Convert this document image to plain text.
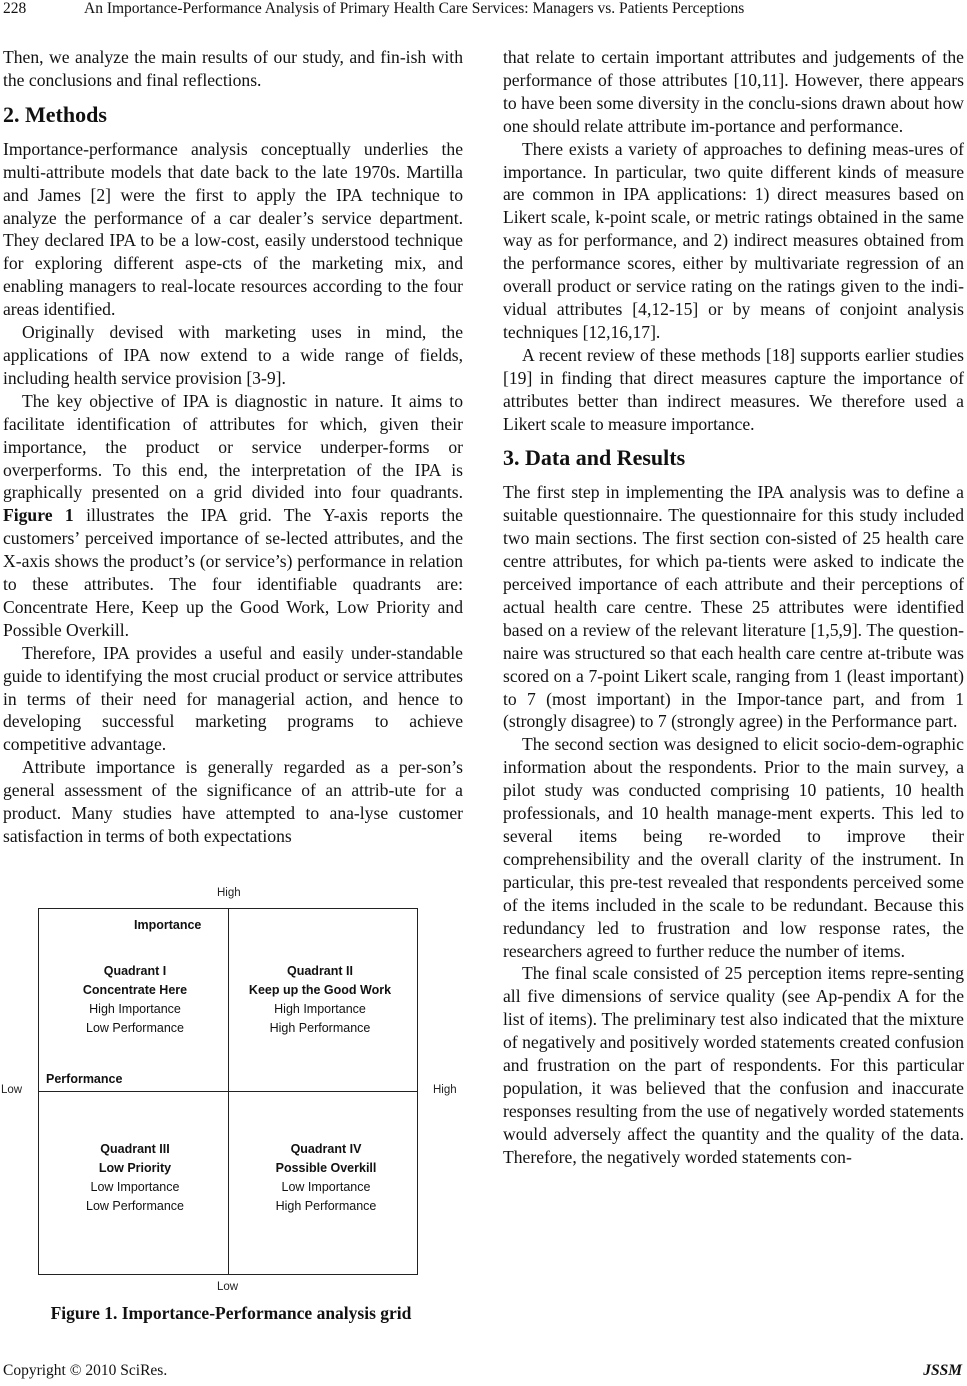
228	An Importance-Performance Analysis of Primary Health Care Services: Managers vs. Patients Perceptions

Then, we analyze the main results of our study, and fin-ish with the conclusions and final reflections.

2. Methods

Importance-performance analysis conceptually underlies the multi-attribute models that date back to the late 1970s. Martilla and James [2] were the first to apply the IPA technique to analyze the performance of a car dealer’s service department. They declared IPA to be a low-cost, easily understood technique for exploring different aspe-cts of the marketing mix, and enabling managers to real-locate resources according to the four areas identified.

Originally devised with marketing uses in mind, the applications of IPA now extend to a wide range of fields, including health service provision [3-9].

The key objective of IPA is diagnostic in nature. It aims to facilitate identification of attributes for which, given their importance, the product or service underper-forms or overperforms. To this end, the interpretation of the IPA is graphically presented on a grid divided into four quadrants. Figure 1 illustrates the IPA grid. The Y-axis reports the customers’ perceived importance of se-lected attributes, and the X-axis shows the product’s (or service’s) performance in relation to these attributes. The four identifiable quadrants are: Concentrate Here, Keep up the Good Work, Low Priority and Possible Overkill.

Therefore, IPA provides a useful and easily under-standable guide to identifying the most crucial product or service attributes in terms of their need for managerial action, and hence to developing successful marketing programs to achieve competitive advantage.

Attribute importance is generally regarded as a per-son’s general assessment of the significance of an attrib-ute for a product. Many studies have attempted to ana-lyse customer satisfaction in terms of both expectations

High
Low	High
Low
Importance
Performance
Quadrant I
Concentrate Here
High Importance
Low Performance
Quadrant II
Keep up the Good Work
High Importance
High Performance
Quadrant III
Low Priority
Low Importance
Low Performance
Quadrant IV
Possible Overkill
Low Importance
High Performance
Figure 1. Importance-Performance analysis grid

that relate to certain important attributes and judgements of the performance of those attributes [10,11]. However, there appears to have been some diversity in the conclu-sions drawn about how one should relate attribute im-portance and performance.

There exists a variety of approaches to defining meas-ures of importance. In particular, two quite different kinds of measure are common in IPA applications: 1) direct measures based on Likert scale, k-point scale, or metric ratings obtained in the same way as for performance, and 2) indirect measures obtained from the performance scores, either by multivariate regression of an overall product or service rating on the ratings given to the indi-vidual attributes [4,12-15] or by means of conjoint analysis techniques [12,16,17].

A recent review of these methods [18] supports earlier studies [19] in finding that direct measures capture the importance of attributes better than indirect measures. We therefore used a Likert scale to measure importance.

3. Data and Results

The first step in implementing the IPA analysis was to define a suitable questionnaire. The questionnaire for this study included two main sections. The first section con-sisted of 25 health care centre attributes, for which pa-tients were asked to indicate the perceived importance of each attribute and their perceptions of actual health care centre. These 25 attributes were identified based on a review of the relevant literature [1,5,9]. The question-naire was structured so that each health care centre at-tribute was scored on a 7-point Likert scale, ranging from 1 (least important) to 7 (most important) in the Impor-tance part, and from 1 (strongly disagree) to 7 (strongly agree) in the Performance part.

The second section was designed to elicit socio-dem-ographic information about the respondents. Prior to the main survey, a pilot study was conducted comprising 10 patients, 10 health professionals, and 10 health manage-ment experts. This led to several items being re-worded to improve their comprehensibility and the overall clarity of the instrument. In particular, this pre-test revealed that respondents perceived some of the items included in the scale to be redundant. Because this redundancy led to frustration and low response rates, the researchers agreed to further reduce the number of items.

The final scale consisted of 25 perception items repre-senting all five dimensions of service quality (see Ap-pendix A for the list of items). The preliminary test also indicated that the mixture of negatively and positively worded statements created confusion and frustration on the part of respondents. For this particular population, it was believed that the confusion and inaccurate responses resulting from the use of negatively worded statements would adversely affect the quantity and the quality of the data. Therefore, the negatively worded statements con-

Copyright © 2010 SciRes.	JSSM
